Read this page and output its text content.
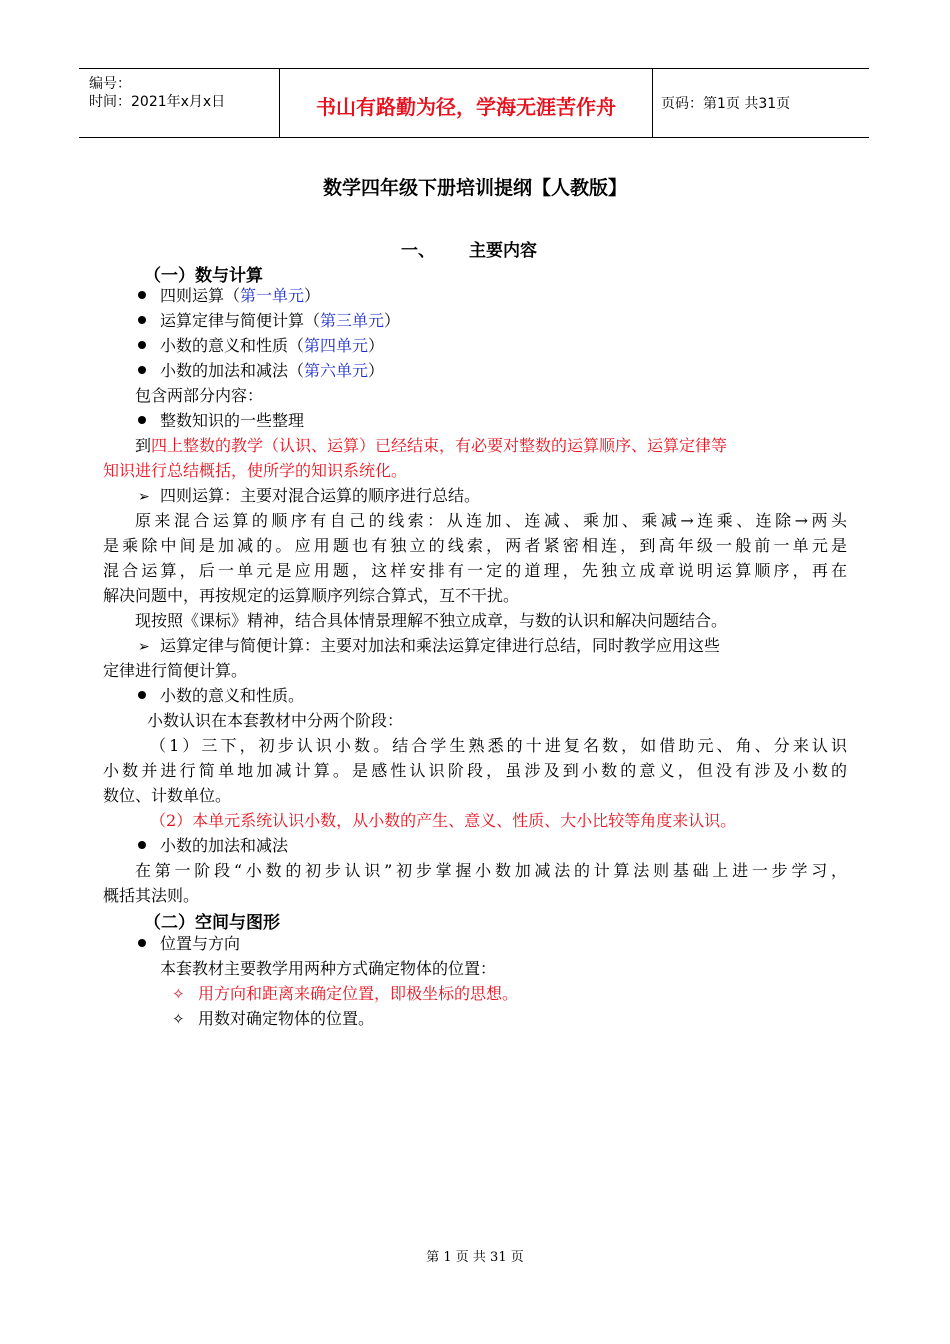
编号：
时间：2021年x月x日	书山有路勤为径，学海无涯苦作舟	页码：第1页 共31页
数学四年级下册培训提纲【人教版】
一、 主要内容
（一）数与计算
四则运算（第一单元）
运算定律与简便计算（第三单元）
小数的意义和性质（第四单元）
小数的加法和减法（第六单元）
包含两部分内容：
整数知识的一些整理
到四上整数的教学（认识、运算）已经结束，有必要对整数的运算顺序、运算定律等
知识进行总结概括，使所学的知识系统化。
➢ 四则运算：主要对混合运算的顺序进行总结。
原来混合运算的顺序有自己的线索：从连加、连减、乘加、乘减→连乘、连除→两头
是乘除中间是加减的。应用题也有独立的线索，两者紧密相连，到高年级一般前一单元是
混合运算，后一单元是应用题，这样安排有一定的道理，先独立成章说明运算顺序，再在
解决问题中，再按规定的运算顺序列综合算式，互不干扰。
现按照《课标》精神，结合具体情景理解不独立成章，与数的认识和解决问题结合。
➢ 运算定律与简便计算：主要对加法和乘法运算定律进行总结，同时教学应用这些
定律进行简便计算。
小数的意义和性质。
小数认识在本套教材中分两个阶段：
（1）三下，初步认识小数。结合学生熟悉的十进复名数，如借助元、角、分来认识
小数并进行简单地加减计算。是感性认识阶段，虽涉及到小数的意义，但没有涉及小数的
数位、计数单位。
（2）本单元系统认识小数，从小数的产生、意义、性质、大小比较等角度来认识。
小数的加法和减法
在第一阶段“小数的初步认识”初步掌握小数加减法的计算法则基础上进一步学习，
概括其法则。
（二）空间与图形
位置与方向
本套教材主要教学用两种方式确定物体的位置：
✧ 用方向和距离来确定位置，即极坐标的思想。
✧ 用数对确定物体的位置。
第 1 页 共 31 页
